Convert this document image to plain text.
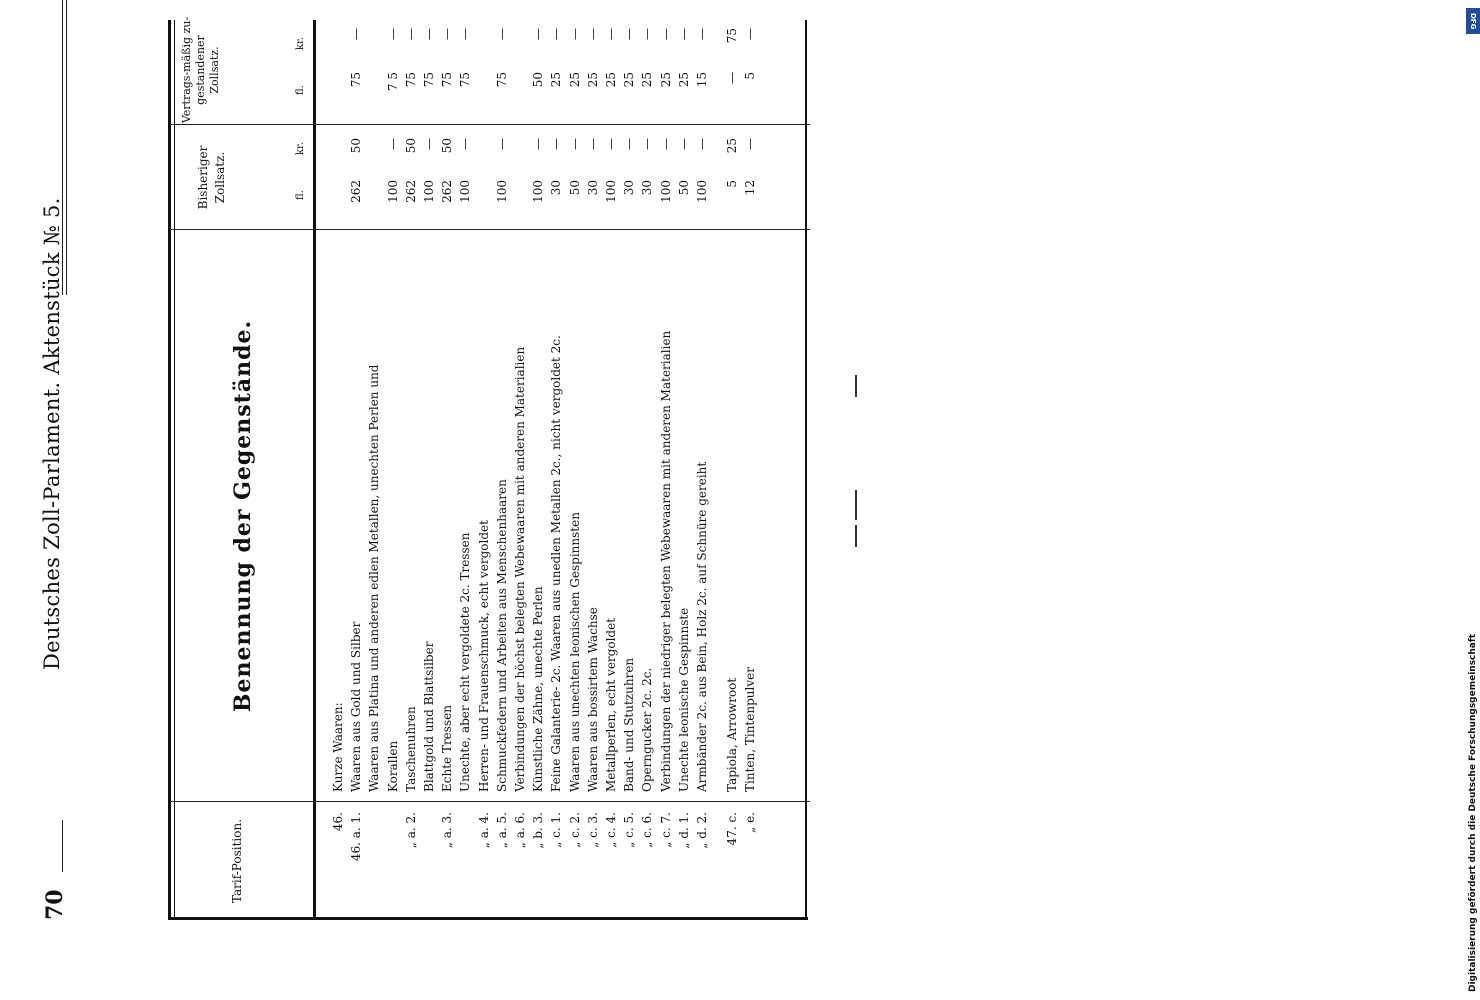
70
Deutsches Zoll-Parlament. Aktenstück № 5.
Tarif-Position.
Benennung der Gegenstände.
Bisheriger Zollsatz.
Vertrags-mäßig zu-gestandener Zollsatz.
fl.
kr.
fl.
kr.
46.
Kurze Waaren:
46. a. 1.
Waaren aus Gold und Silber
262
50
75
—
Waaren aus Platina und anderen edlen Metallen, unechten Perlen und Korallen
100
—
7 5
—
„ a. 2.
Taschenuhren
262
50
75
—
Blattgold und Blattsilber
100
—
75
—
„ a. 3.
Echte Tressen
262
50
75
—
Unechte, aber echt vergoldete 2c. Tressen
100
—
75
—
„ a. 4.
Herren- und Frauenschmuck, echt vergoldet
„ a. 5.
Schmuckfedern und Arbeiten aus Menschenhaaren
100
—
75
—
„ a. 6.
Verbindungen der höchst belegten Webewaaren mit anderen Materialien
„ b. 3.
Künstliche Zähne, unechte Perlen
100
—
50
—
„ c. 1.
Feine Galanterie- 2c. Waaren aus unedlen Metallen 2c., nicht vergoldet 2c.
30
—
25
—
„ c. 2.
Waaren aus unechten leonischen Gespinnsten
50
—
25
—
„ c. 3.
Waaren aus bossirtem Wachse
30
—
25
—
„ c. 4.
Metallperlen, echt vergoldet
100
—
25
—
„ c. 5.
Band- und Stutzuhren
30
—
25
—
„ c. 6.
Operngucker 2c. 2c.
30
—
25
—
„ c. 7.
Verbindungen der niedriger belegten Webewaaren mit anderen Materialien
100
—
25
—
„ d. 1.
Unechte leonische Gespinnste
50
—
25
—
„ d. 2.
Armbänder 2c. aus Bein, Holz 2c. auf Schnüre gereiht
100
—
15
—
47. c.
Tapiola, Arrowroot
5
25
—
75
„ e.
Tinten, Tintenpulver
12
—
5
—
DFG
Digitalisierung gefördert durch die Deutsche Forschungsgemeinschaft
